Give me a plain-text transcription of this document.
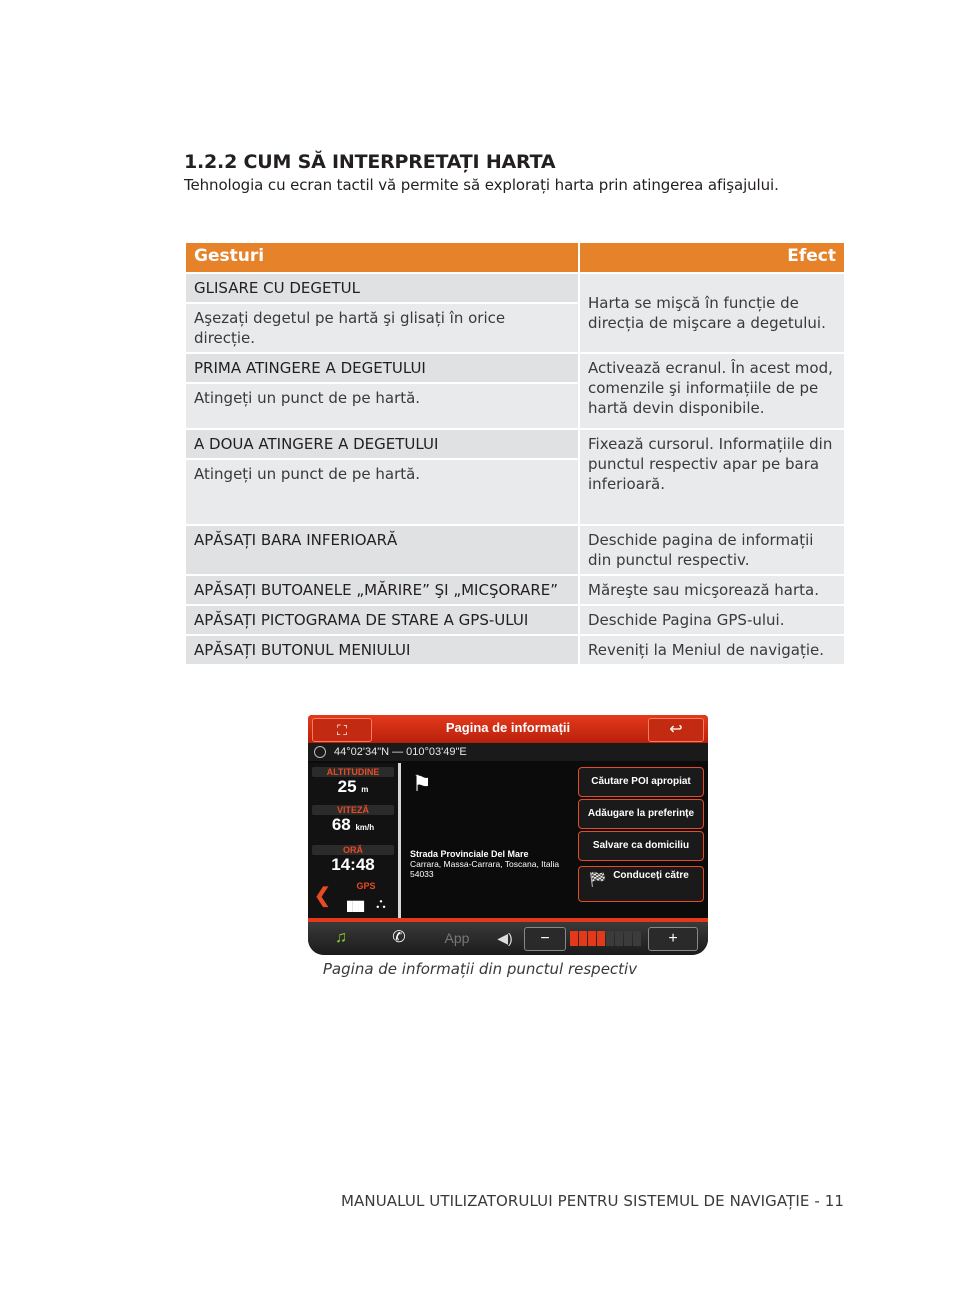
1.2.2 CUM SĂ INTERPRETAȚI HARTA

Tehnologia cu ecran tactil vă permite să explorați harta prin atingerea afişajului.

Gesturi	Efect
GLISARE CU DEGETUL	Harta se mişcă în funcție de direcția de mişcare a degetului.
Aşezați degetul pe hartă şi glisați în orice direcție.	
PRIMA ATINGERE A DEGETULUI	Activează ecranul. În acest mod, comenzile şi informațiile de pe hartă devin disponibile.
Atingeți un punct de pe hartă.	
A DOUA ATINGERE A DEGETULUI	Fixează cursorul. Informațiile din punctul respectiv apar pe bara inferioară.
Atingeți un punct de pe hartă.	
APĂSAȚI BARA INFERIOARĂ	Deschide pagina de informații din punctul respectiv.
APĂSAȚI BUTOANELE „MĂRIRE” ŞI „MICŞORARE”	Măreşte sau micşorează harta.
APĂSAȚI PICTOGRAMA DE STARE A GPS-ULUI	Deschide Pagina GPS-ului.
APĂSAȚI BUTONUL MENIULUI	Reveniți la Meniul de navigație.
⛶	Pagina de informații	↩
44°02'34"N — 010°03'49"E
ALTITUDINE
25 m
VITEZĂ
68 km/h
ORĂ
14:48
GPS
❮ ▮▮▮ ⛬
⚑
Strada Provinciale Del Mare
Carrara, Massa-Carrara, Toscana, Italia
54033
Căutare POI apropiat
Adăugare la preferințe
Salvare ca domiciliu
🏁 Conduceți către
♫	✆	App	◀)	−	+
Pagina de informații din punctul respectiv
MANUALUL UTILIZATORULUI PENTRU SISTEMUL DE NAVIGAȚIE - 11
